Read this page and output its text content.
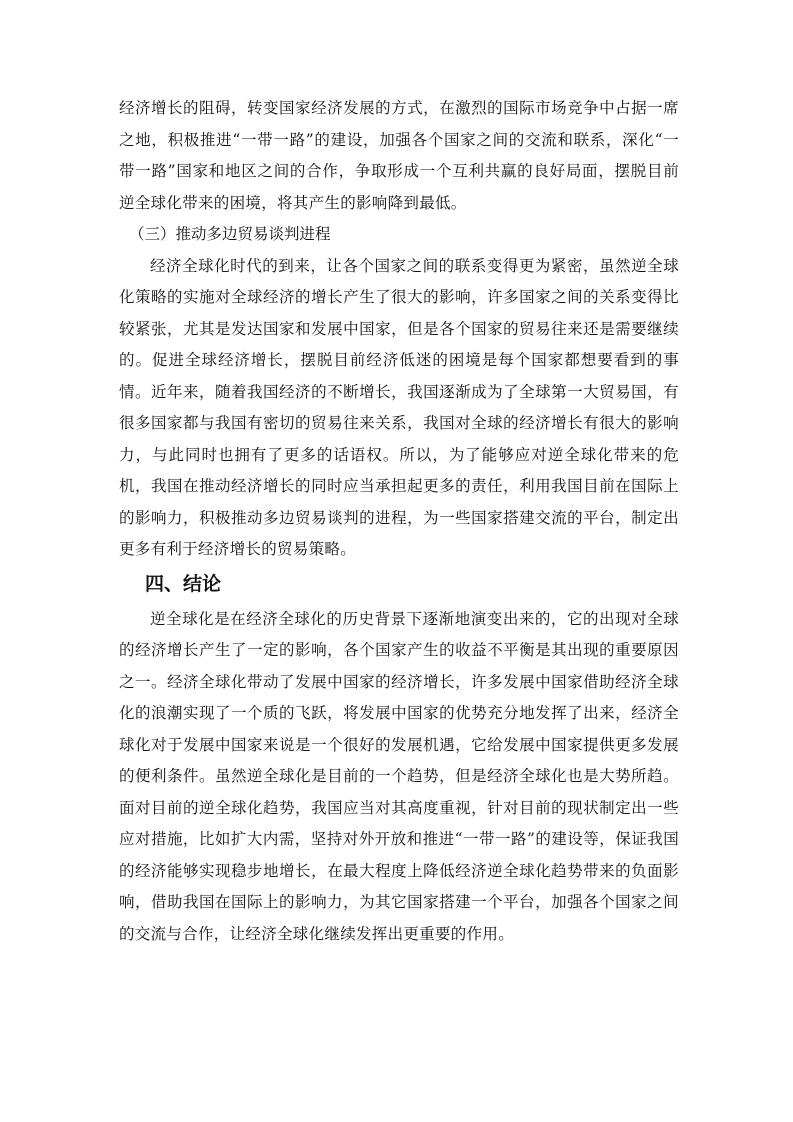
经济增长的阻碍，转变国家经济发展的方式，在激烈的国际市场竞争中占据一席之地，积极推进“一带一路”的建设，加强各个国家之间的交流和联系，深化“一带一路”国家和地区之间的合作，争取形成一个互利共赢的良好局面，摆脱目前逆全球化带来的困境，将其产生的影响降到最低。

（三）推动多边贸易谈判进程

经济全球化时代的到来，让各个国家之间的联系变得更为紧密，虽然逆全球化策略的实施对全球经济的增长产生了很大的影响，许多国家之间的关系变得比较紧张，尤其是发达国家和发展中国家，但是各个国家的贸易往来还是需要继续的。促进全球经济增长，摆脱目前经济低迷的困境是每个国家都想要看到的事情。近年来，随着我国经济的不断增长，我国逐渐成为了全球第一大贸易国，有很多国家都与我国有密切的贸易往来关系，我国对全球的经济增长有很大的影响力，与此同时也拥有了更多的话语权。所以，为了能够应对逆全球化带来的危机，我国在推动经济增长的同时应当承担起更多的责任，利用我国目前在国际上的影响力，积极推动多边贸易谈判的进程，为一些国家搭建交流的平台，制定出更多有利于经济增长的贸易策略。

四、结论

逆全球化是在经济全球化的历史背景下逐渐地演变出来的，它的出现对全球的经济增长产生了一定的影响，各个国家产生的收益不平衡是其出现的重要原因之一。经济全球化带动了发展中国家的经济增长，许多发展中国家借助经济全球化的浪潮实现了一个质的飞跃，将发展中国家的优势充分地发挥了出来，经济全球化对于发展中国家来说是一个很好的发展机遇，它给发展中国家提供更多发展的便利条件。虽然逆全球化是目前的一个趋势，但是经济全球化也是大势所趋。面对目前的逆全球化趋势，我国应当对其高度重视，针对目前的现状制定出一些应对措施，比如扩大内需，坚持对外开放和推进“一带一路”的建设等，保证我国的经济能够实现稳步地增长，在最大程度上降低经济逆全球化趋势带来的负面影响，借助我国在国际上的影响力，为其它国家搭建一个平台，加强各个国家之间的交流与合作，让经济全球化继续发挥出更重要的作用。
